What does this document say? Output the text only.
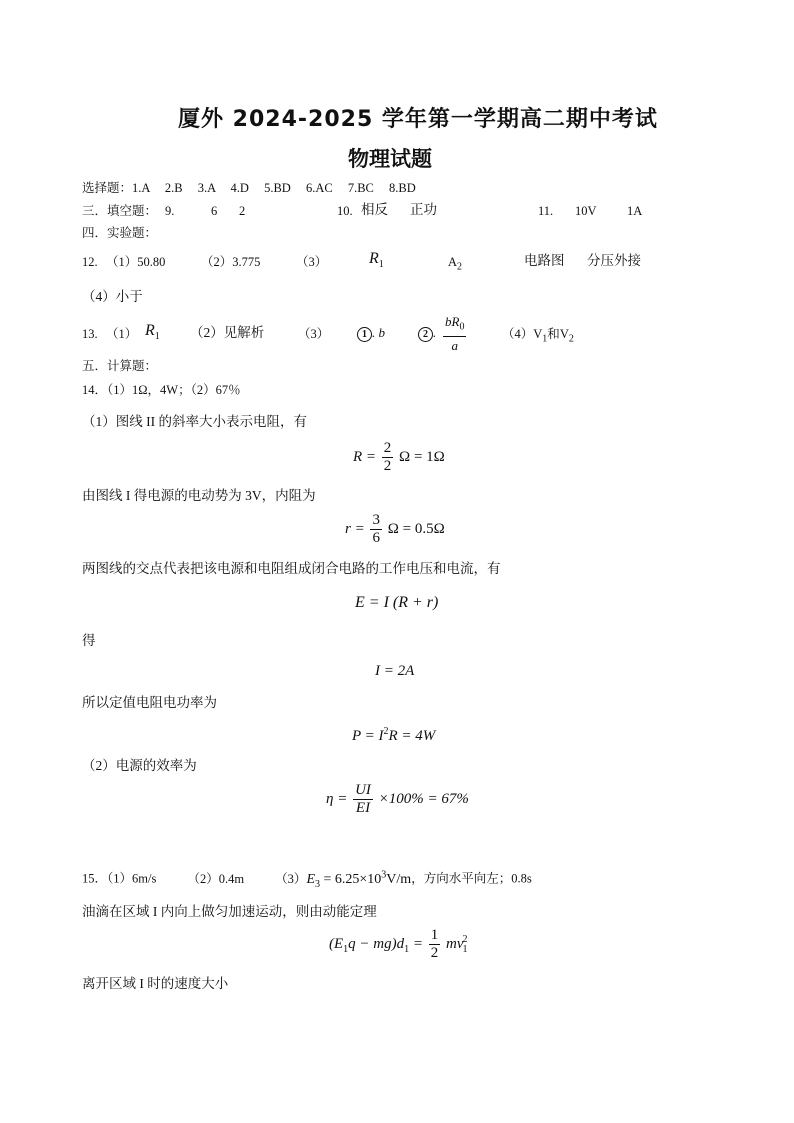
厦外 2024-2025 学年第一学期高二期中考试
物理试题
选择题：1.A 2.B 3.A 4.D 5.BD 6.AC 7.BC 8.BD
三．填空题： 9.	6 2	10. 相反 正功	11. 10V 1A
四．实验题：
12. （1）50.80	（2）3.775	（3）	$R_1$	$A_2$	电路图 分压外接
（4）小于
13. （1） $R_1$ （2）见解析	（3）	1 . b	2 . $\frac{bR_0}{a}$	$(4)V_1$和$V_2$
五．计算题：
14．（1）1Ω，4W；（2）67％
（1）图线 II 的斜率大小表示电阻，有
$R = \frac{2}{2}$ Ω = 1Ω
由图线 I 得电源的电动势为 3V，内阻为
$r = \frac{3}{6}$ Ω = 0.5Ω
两图线的交点代表把该电源和电阻组成闭合电路的工作电压和电流，有
E = I (R + r)
得
I = 2A
所以定值电阻电功率为
$P = I^2R = 4W$
（2）电源的效率为
$\eta = \frac{UI}{EI} \times 100\% = 67\%$
15．（1）6m/s （2）0.4m $(3)E_3 = 6.25\times 10^3V/m$，方向水平向左；0.8s
油滴在区域 I 内向上做匀加速运动，则由动能定理
$(E_1q - mg)d_1 = \frac{1}{2} mv^2_1$
离开区域 I 时的速度大小
